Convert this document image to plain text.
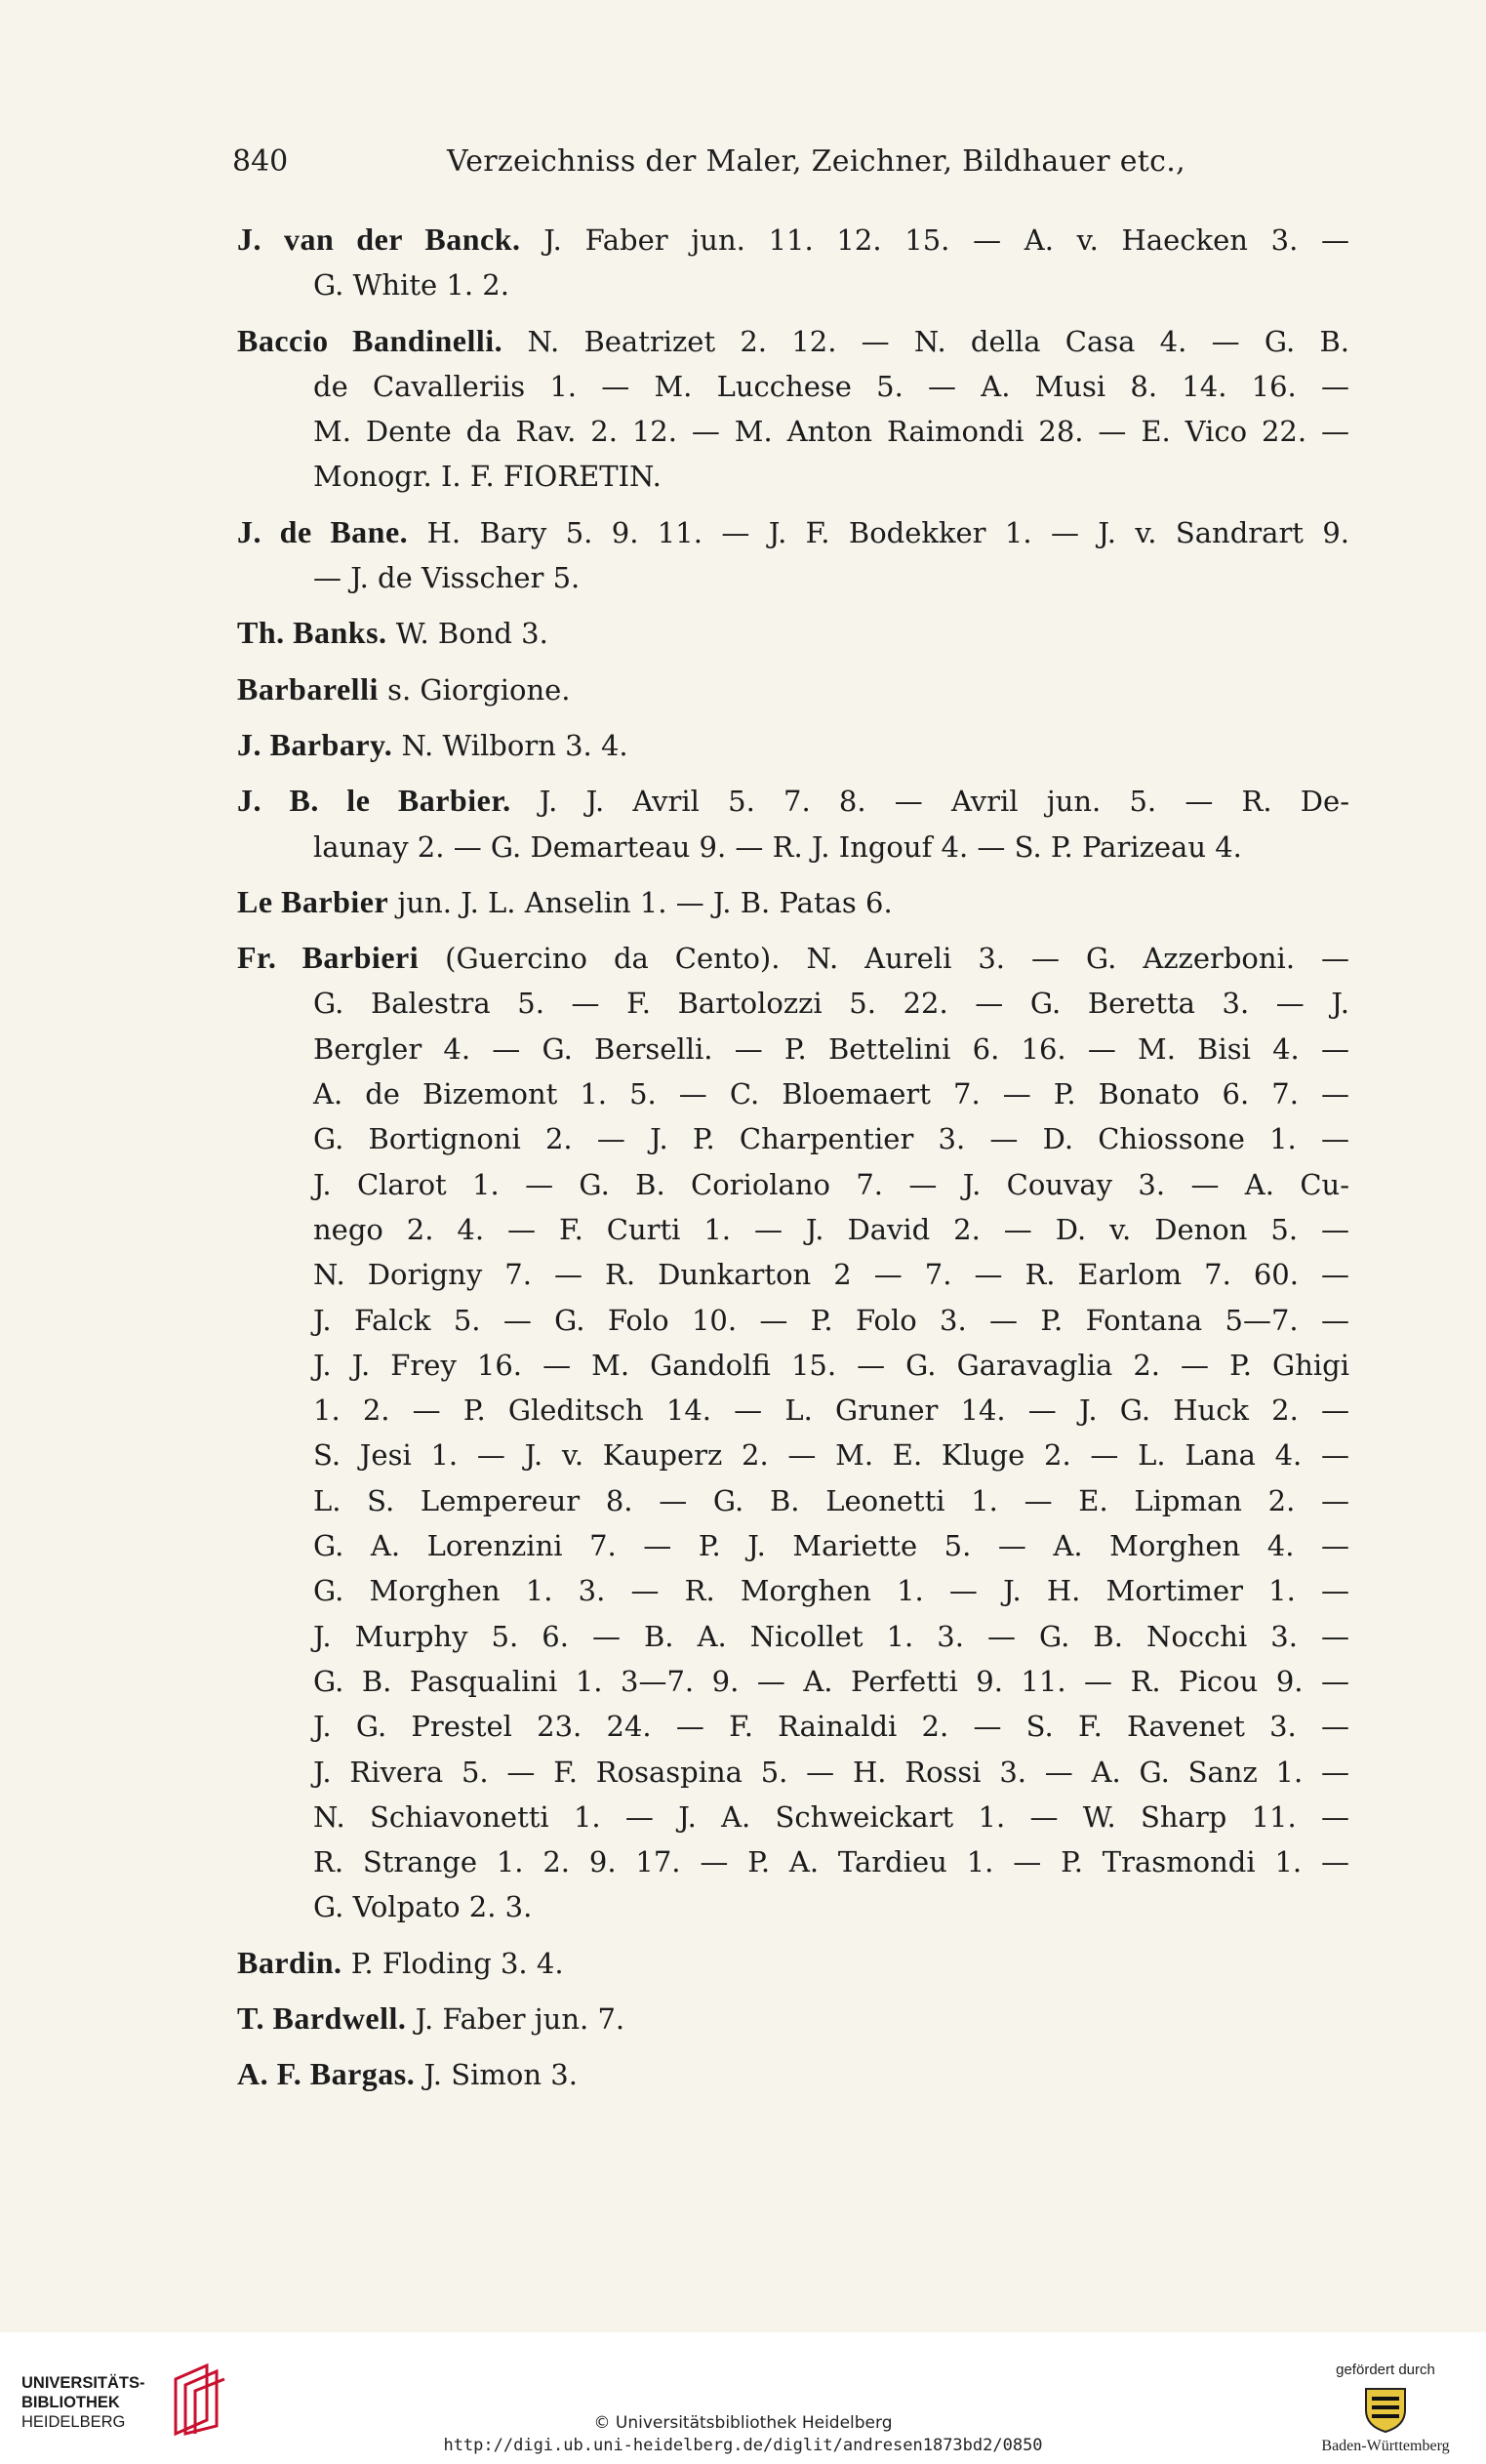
840	Verzeichniss der Maler, Zeichner, Bildhauer etc.,
J. van der Banck. J. Faber jun. 11. 12. 15. — A. v. Haecken 3. —
G. White 1. 2.
Baccio Bandinelli. N. Beatrizet 2. 12. — N. della Casa 4. — G. B.
de Cavalleriis 1. — M. Lucchese 5. — A. Musi 8. 14. 16. —
M. Dente da Rav. 2. 12. — M. Anton Raimondi 28. — E. Vico 22. —
Monogr. I. F. FIORETIN.
J. de Bane. H. Bary 5. 9. 11. — J. F. Bodekker 1. — J. v. Sandrart 9.
— J. de Visscher 5.
Th. Banks. W. Bond 3.
Barbarelli s. Giorgione.
J. Barbary. N. Wilborn 3. 4.
J. B. le Barbier. J. J. Avril 5. 7. 8. — Avril jun. 5. — R. De-
launay 2. — G. Demarteau 9. — R. J. Ingouf 4. — S. P. Parizeau 4.
Le Barbier jun. J. L. Anselin 1. — J. B. Patas 6.
Fr. Barbieri (Guercino da Cento). N. Aureli 3. — G. Azzerboni. —
G. Balestra 5. — F. Bartolozzi 5. 22. — G. Beretta 3. — J.
Bergler 4. — G. Berselli. — P. Bettelini 6. 16. — M. Bisi 4. —
A. de Bizemont 1. 5. — C. Bloemaert 7. — P. Bonato 6. 7. —
G. Bortignoni 2. — J. P. Charpentier 3. — D. Chiossone 1. —
J. Clarot 1. — G. B. Coriolano 7. — J. Couvay 3. — A. Cu-
nego 2. 4. — F. Curti 1. — J. David 2. — D. v. Denon 5. —
N. Dorigny 7. — R. Dunkarton 2 — 7. — R. Earlom 7. 60. —
J. Falck 5. — G. Folo 10. — P. Folo 3. — P. Fontana 5—7. —
J. J. Frey 16. — M. Gandolfi 15. — G. Garavaglia 2. — P. Ghigi
1. 2. — P. Gleditsch 14. — L. Gruner 14. — J. G. Huck 2. —
S. Jesi 1. — J. v. Kauperz 2. — M. E. Kluge 2. — L. Lana 4. —
L. S. Lempereur 8. — G. B. Leonetti 1. — E. Lipman 2. —
G. A. Lorenzini 7. — P. J. Mariette 5. — A. Morghen 4. —
G. Morghen 1. 3. — R. Morghen 1. — J. H. Mortimer 1. —
J. Murphy 5. 6. — B. A. Nicollet 1. 3. — G. B. Nocchi 3. —
G. B. Pasqualini 1. 3—7. 9. — A. Perfetti 9. 11. — R. Picou 9. —
J. G. Prestel 23. 24. — F. Rainaldi 2. — S. F. Ravenet 3. —
J. Rivera 5. — F. Rosaspina 5. — H. Rossi 3. — A. G. Sanz 1. —
N. Schiavonetti 1. — J. A. Schweickart 1. — W. Sharp 11. —
R. Strange 1. 2. 9. 17. — P. A. Tardieu 1. — P. Trasmondi 1. —
G. Volpato 2. 3.
Bardin. P. Floding 3. 4.
T. Bardwell. J. Faber jun. 7.
A. F. Bargas. J. Simon 3.
UNIVERSITÄTS-
BIBLIOTHEK
HEIDELBERG	© Universitätsbibliothek Heidelberg
http://digi.ub.uni-heidelberg.de/diglit/andresen1873bd2/0850
gefördert durch
Baden-Württemberg
